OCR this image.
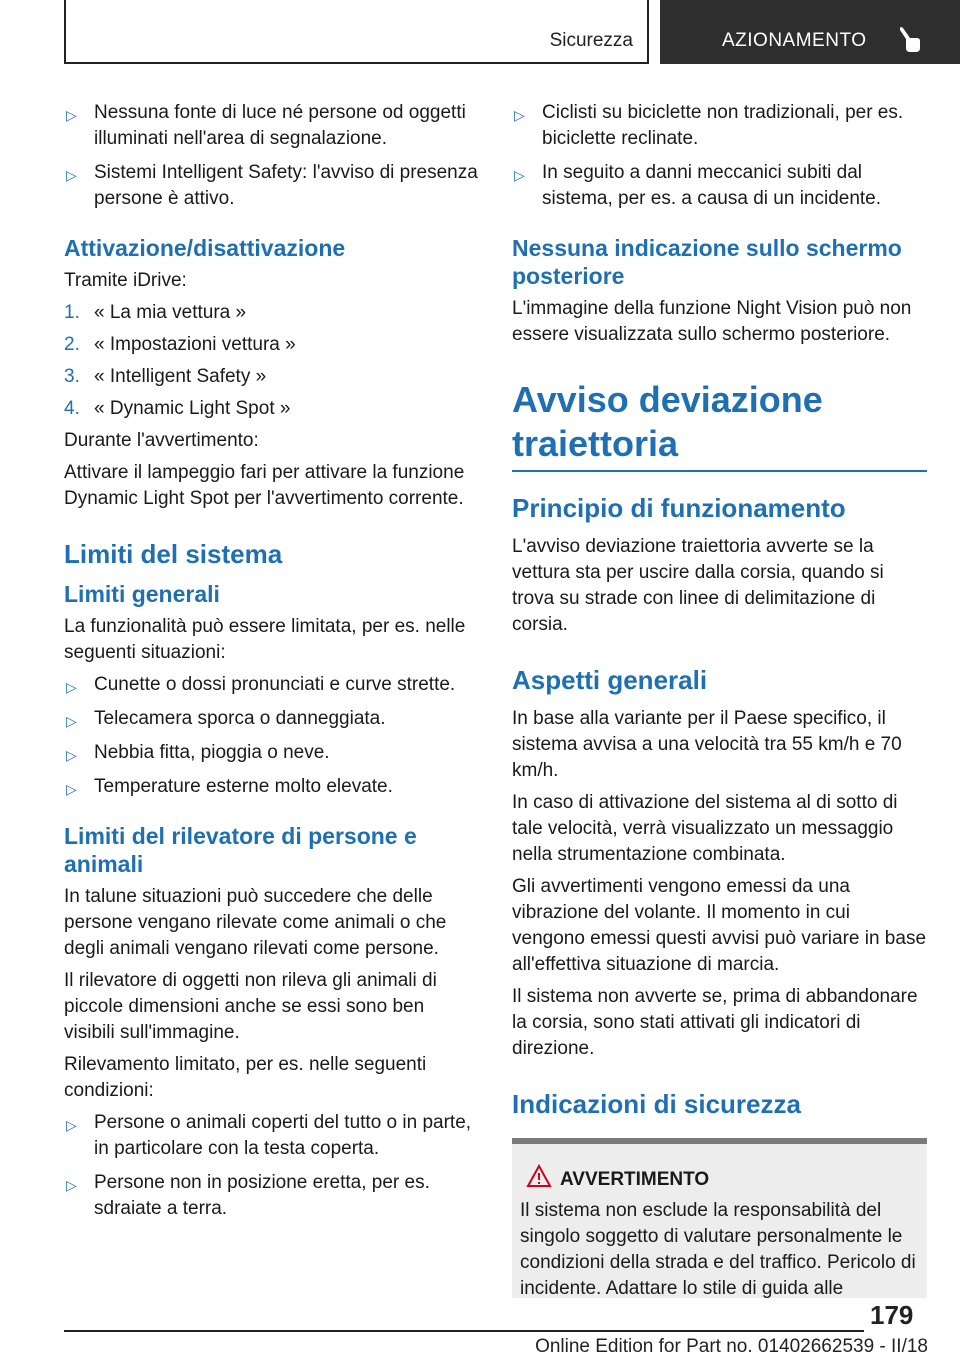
Sicurezza	AZIONAMENTO
▷ Nessuna fonte di luce né persone od oggetti illuminati nell'area di segnalazione.
▷ Sistemi Intelligent Safety: l'avviso di presenza persone è attivo.
Attivazione/disattivazione
Tramite iDrive:
1. « La mia vettura »
2. « Impostazioni vettura »
3. « Intelligent Safety »
4. « Dynamic Light Spot »
Durante l'avvertimento:
Attivare il lampeggio fari per attivare la funzione Dynamic Light Spot per l'avvertimento corrente.
Limiti del sistema
Limiti generali
La funzionalità può essere limitata, per es. nelle seguenti situazioni:
▷ Cunette o dossi pronunciati e curve strette.
▷ Telecamera sporca o danneggiata.
▷ Nebbia fitta, pioggia o neve.
▷ Temperature esterne molto elevate.
Limiti del rilevatore di persone e animali
In talune situazioni può succedere che delle persone vengano rilevate come animali o che degli animali vengano rilevati come persone.
Il rilevatore di oggetti non rileva gli animali di piccole dimensioni anche se essi sono ben visibili sull'immagine.
Rilevamento limitato, per es. nelle seguenti condizioni:
▷ Persone o animali coperti del tutto o in parte, in particolare con la testa coperta.
▷ Persone non in posizione eretta, per es. sdraiate a terra.
▷ Ciclisti su biciclette non tradizionali, per es. biciclette reclinate.
▷ In seguito a danni meccanici subiti dal sistema, per es. a causa di un incidente.
Nessuna indicazione sullo schermo posteriore
L'immagine della funzione Night Vision può non essere visualizzata sullo schermo posteriore.
Avviso deviazione traiettoria
Principio di funzionamento
L'avviso deviazione traiettoria avverte se la vettura sta per uscire dalla corsia, quando si trova su strade con linee di delimitazione di corsia.
Aspetti generali
In base alla variante per il Paese specifico, il sistema avvisa a una velocità tra 55 km/h e 70 km/h.
In caso di attivazione del sistema al di sotto di tale velocità, verrà visualizzato un messaggio nella strumentazione combinata.
Gli avvertimenti vengono emessi da una vibrazione del volante. Il momento in cui vengono emessi questi avvisi può variare in base all'effettiva situazione di marcia.
Il sistema non avverte se, prima di abbandonare la corsia, sono stati attivati gli indicatori di direzione.
Indicazioni di sicurezza
AVVERTIMENTO
Il sistema non esclude la responsabilità del singolo soggetto di valutare personalmente le condizioni della strada e del traffico. Pericolo di incidente. Adattare lo stile di guida alle
179
Online Edition for Part no. 01402662539 - II/18
